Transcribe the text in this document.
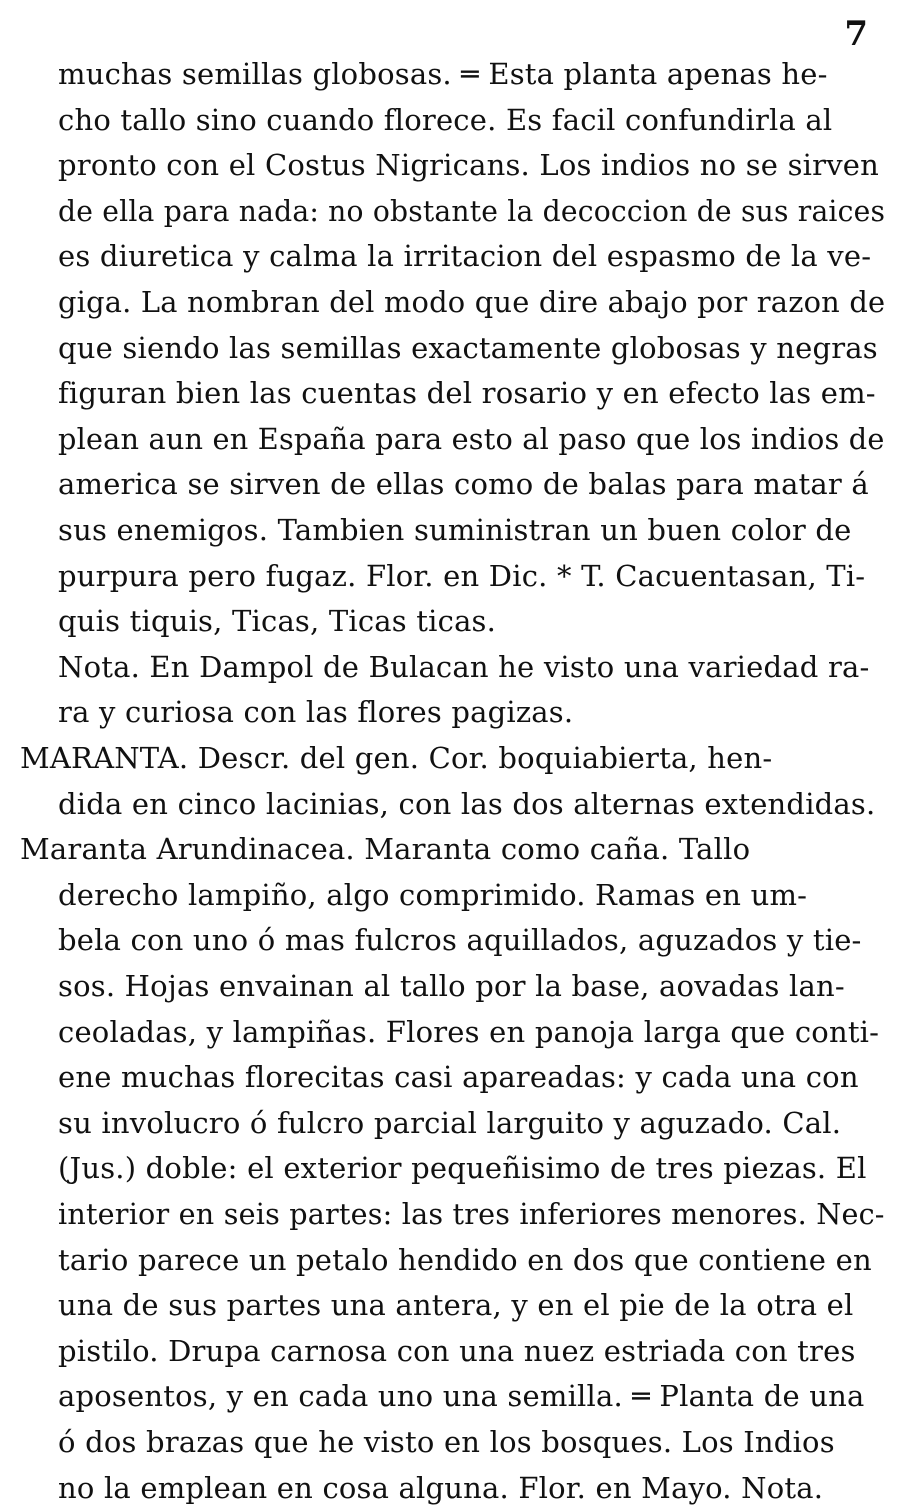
7
muchas semillas globosas. ═ Esta planta apenas he-
cho tallo sino cuando florece. Es facil confundirla al
pronto con el Costus Nigricans. Los indios no se sirven
de ella para nada: no obstante la decoccion de sus raices
es diuretica y calma la irritacion del espasmo de la ve-
giga. La nombran del modo que dire abajo por razon de
que siendo las semillas exactamente globosas y negras
figuran bien las cuentas del rosario y en efecto las em-
plean aun en España para esto al paso que los indios de
america se sirven de ellas como de balas para matar á
sus enemigos. Tambien suministran un buen color de
purpura pero fugaz. Flor. en Dic. * T. Cacuentasan, Ti-
quis tiquis, Ticas, Ticas ticas.
Nota. En Dampol de Bulacan he visto una variedad ra-
ra y curiosa con las flores pagizas.
MARANTA. Descr. del gen. Cor. boquiabierta, hen-
dida en cinco lacinias, con las dos alternas extendidas.
Maranta Arundinacea. Maranta como caña. Tallo
derecho lampiño, algo comprimido. Ramas en um-
bela con uno ó mas fulcros aquillados, aguzados y tie-
sos. Hojas envainan al tallo por la base, aovadas lan-
ceoladas, y lampiñas. Flores en panoja larga que conti-
ene muchas florecitas casi apareadas: y cada una con
su involucro ó fulcro parcial larguito y aguzado. Cal.
(Jus.) doble: el exterior pequeñisimo de tres piezas. El
interior en seis partes: las tres inferiores menores. Nec-
tario parece un petalo hendido en dos que contiene en
una de sus partes una antera, y en el pie de la otra el
pistilo. Drupa carnosa con una nuez estriada con tres
aposentos, y en cada uno una semilla. ═ Planta de una
ó dos brazas que he visto en los bosques. Los Indios
no la emplean en cosa alguna. Flor. en Mayo. Nota.
